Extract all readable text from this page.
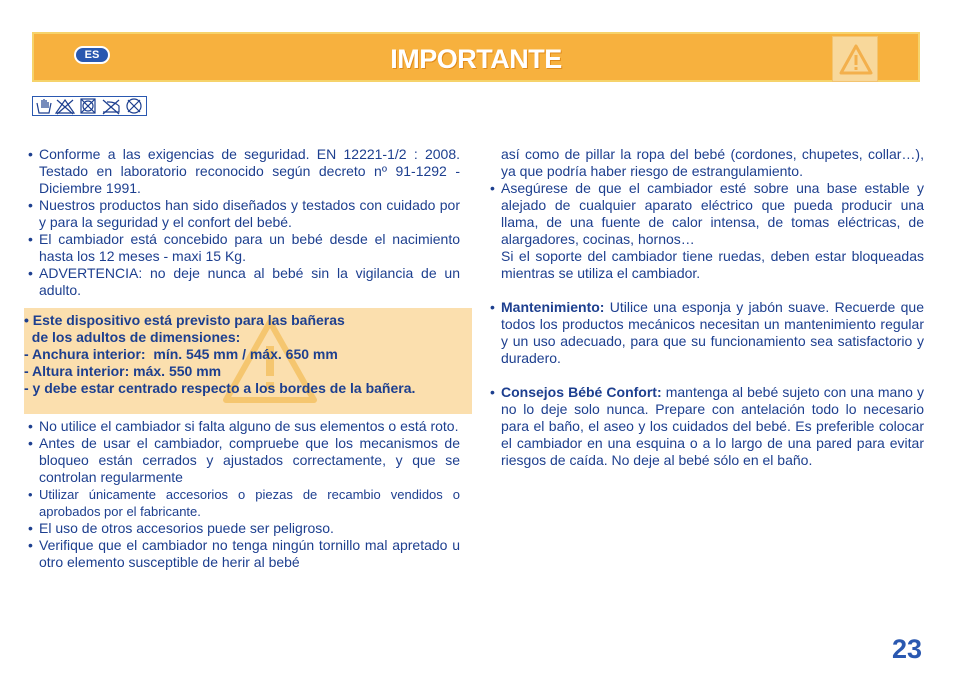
ES	IMPORTANTE
• Conforme a las exigencias de seguridad. EN 12221-1/2 : 2008. Testado en laboratorio reconocido según decreto nº 91-1292 - Diciembre 1991.
• Nuestros productos han sido diseñados y testados con cuidado por y para la seguridad y el confort del bebé.
• El cambiador está concebido para un bebé desde el nacimiento hasta los 12 meses - maxi 15 Kg.
• ADVERTENCIA: no deje nunca al bebé sin la vigilancia de un adulto.
• Este dispositivo está previsto para las bañeras
de los adultos de dimensiones:
- Anchura interior:  mín. 545 mm / máx. 650 mm
- Altura interior: máx. 550 mm
- y debe estar centrado respecto a los bordes de la bañera.
• No utilice el cambiador si falta alguno de sus elementos o está roto.
• Antes de usar el cambiador, compruebe que los mecanismos de bloqueo están cerrados y ajustados correctamente, y que se controlan regularmente
• Utilizar únicamente accesorios o piezas de recambio vendidos o aprobados por el fabricante.
• El uso de otros accesorios puede ser peligroso.
• Verifique que el cambiador no tenga ningún tornillo mal apretado u otro elemento susceptible de herir al bebé
así como de pillar la ropa del bebé (cordones, chupetes, collar…), ya que podría haber riesgo de estrangulamiento.
• Asegúrese de que el cambiador esté sobre una base estable y alejado de cualquier aparato eléctrico que pueda producir una llama, de una fuente de calor intensa, de tomas eléctricas, de alargadores, cocinas, hornos…
Si el soporte del cambiador tiene ruedas, deben estar bloqueadas mientras se utiliza el cambiador.
• Mantenimiento: Utilice una esponja y jabón suave. Recuerde que todos los productos mecánicos necesitan un mantenimiento regular y un uso adecuado, para que su funcionamiento sea satisfactorio y duradero.
• Consejos Bébé Confort: mantenga al bebé sujeto con una mano y no lo deje solo nunca. Prepare con antelación todo lo necesario para el baño, el aseo y los cuidados del bebé. Es preferible colocar el cambiador en una esquina o a lo largo de una pared para evitar riesgos de caída. No deje al bebé sólo en el baño.
23
